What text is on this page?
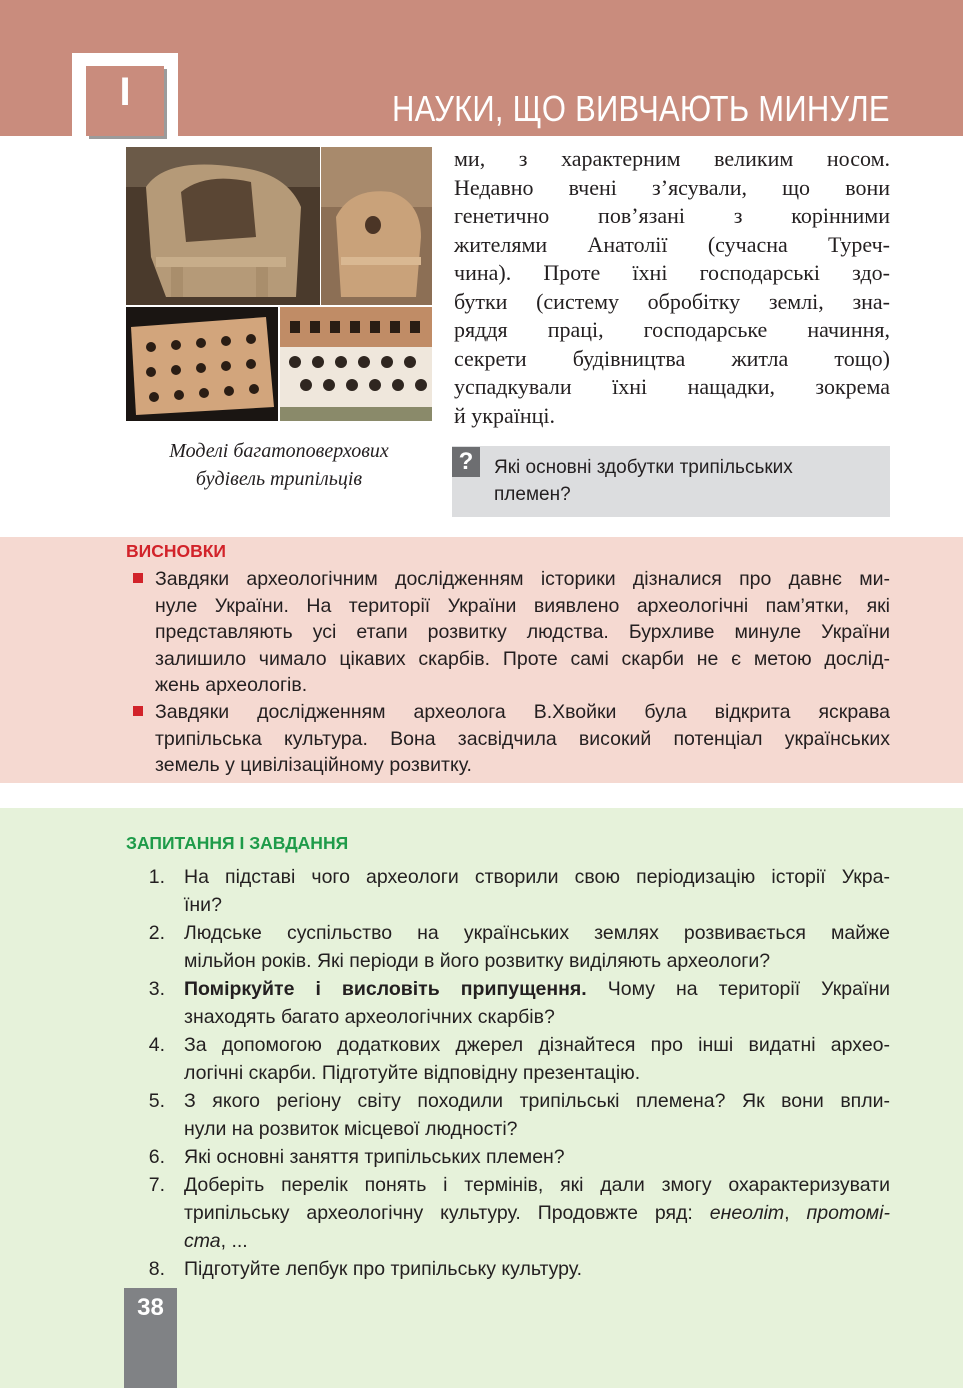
I	НАУКИ, ЩО ВИВЧАЮТЬ МИНУЛЕ
Моделі багатоповерхових
будівель трипільців
ми, з характерним великим носом.
Недавно вчені з’ясували, що вони
генетично пов’язані з корінними
жителями Анатолії (сучасна Туреч-
чина). Проте їхні господарські здо-
бутки (систему обробітку землі, зна-
ряддя праці, господарське начиння,
секрети будівництва житла тощо)
успадкували їхні нащадки, зокрема
й українці.
?	Які основні здобутки трипільських
племен?
ВИСНОВКИ
Завдяки археологічним дослідженням історики дізналися про давнє ми-
нуле України. На території України виявлено археологічні пам’ятки, які
представляють усі етапи розвитку людства. Бурхливе минуле України
залишило чимало цікавих скарбів. Проте самі скарби не є метою дослід-
жень археологів.
Завдяки дослідженням археолога В.Хвойки була відкрита яскрава
трипільська культура. Вона засвідчила високий потенціал українських
земель у цивілізаційному розвитку.
ЗАПИТАННЯ І ЗАВДАННЯ
1. На підставі чого археологи створили свою періодизацію історії Укра-
їни?
2. Людське суспільство на українських землях розвивається майже
мільйон років. Які періоди в його розвитку виділяють археологи?
3. Поміркуйте і висловіть припущення. Чому на території України
знаходять багато археологічних скарбів?
4. За допомогою додаткових джерел дізнайтеся про інші видатні архео-
логічні скарби. Підготуйте відповідну презентацію.
5. З якого регіону світу походили трипільські племена? Як вони впли-
нули на розвиток місцевої людності?
6. Які основні заняття трипільських племен?
7. Доберіть перелік понять і термінів, які дали змогу охарактеризувати
трипільську археологічну культуру. Продовжте ряд: енеоліт, протомі-
ста, ...
8. Підготуйте лепбук про трипільську культуру.
38
